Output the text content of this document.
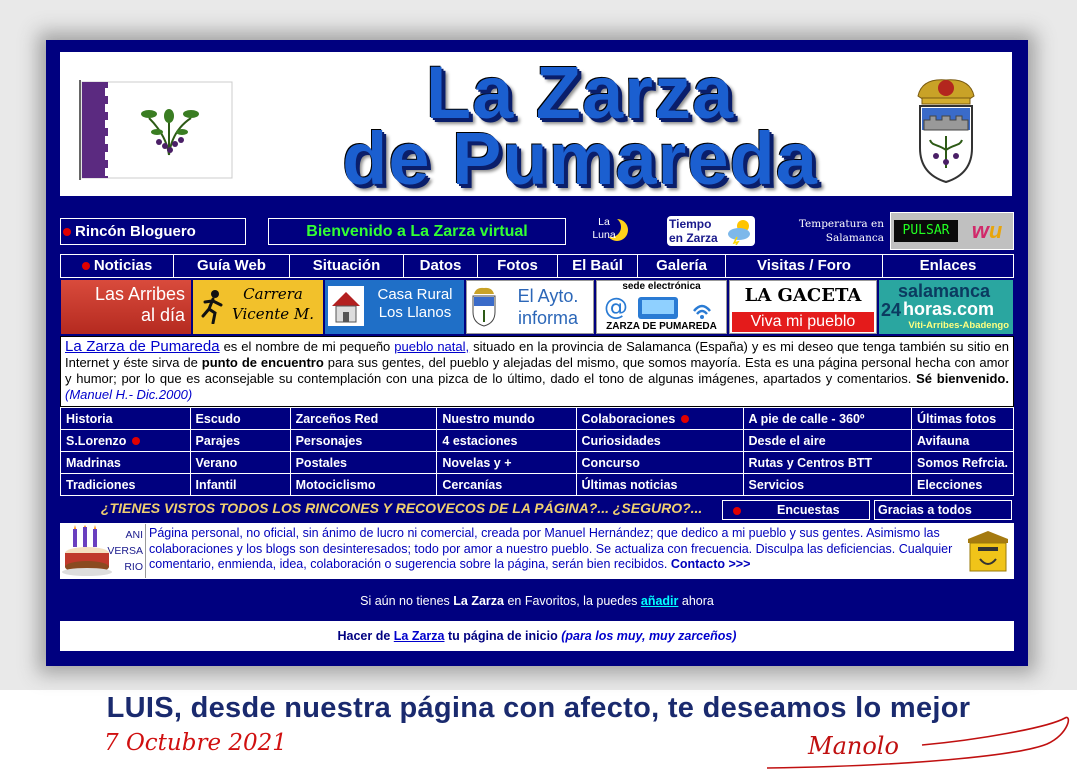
La Zarza
de Pumareda
Rincón Bloguero	Bienvenido a La Zarza virtual
La
Luna
Tiempo
en Zarza
Temperatura en
Salamanca	PULSAR	wu
Noticias	Guía Web	Situación	Datos	Fotos	El Baúl	Galería	Visitas / Foro	Enlaces
Las Arribes
al día
Carrera
Vicente M.
Casa Rural
Los Llanos
El Ayto.
informa
sede electrónica
@
ZARZA DE PUMAREDA
LA GACETA
Viva mi pueblo
salamanca
24 horas.com
Viti-Arribes-Abadengo
La Zarza de Pumareda es el nombre de mi pequeño pueblo natal, situado en la provincia de Salamanca (España) y es mi deseo que tenga también su sitio en Internet y éste sirva de punto de encuentro para sus gentes, del pueblo y alejadas del mismo, que somos mayoría. Esta es una página personal hecha con amor y humor; por lo que es aconsejable su contemplación con una pizca de lo último, dado el tono de algunas imágenes, apartados y comentarios. Sé bienvenido. (Manuel H.- Dic.2000)
Historia	Escudo	Zarceños Red	Nuestro mundo	Colaboraciones	A pie de calle - 360º	Últimas fotos
S.Lorenzo	Parajes	Personajes	4 estaciones	Curiosidades	Desde el aire	Avifauna
Madrinas	Verano	Postales	Novelas y +	Concurso	Rutas y Centros BTT	Somos Refrcia.
Tradiciones	Infantil	Motociclismo	Cercanías	Últimas noticias	Servicios	Elecciones
¿TIENES VISTOS TODOS LOS RINCONES Y RECOVECOS DE LA PÁGINA?... ¿SEGURO?...	Encuestas	Gracias a todos
ANI
VERSA
RIO
Página personal, no oficial, sin ánimo de lucro ni comercial, creada por Manuel Hernández; que dedico a mi pueblo y sus gentes. Asimismo las colaboraciones y los blogs son desinteresados; todo por amor a nuestro pueblo. Se actualiza con frecuencia. Disculpa las deficiencias. Cualquier comentario, enmienda, idea, colaboración o sugerencia sobre la página, serán bien recibidos. Contacto >>>
Si aún no tienes La Zarza en Favoritos, la puedes añadir ahora
Hacer de La Zarza tu página de inicio (para los muy, muy zarceños)
LUIS, desde nuestra página con afecto, te deseamos lo mejor
7 Octubre 2021	Manolo
